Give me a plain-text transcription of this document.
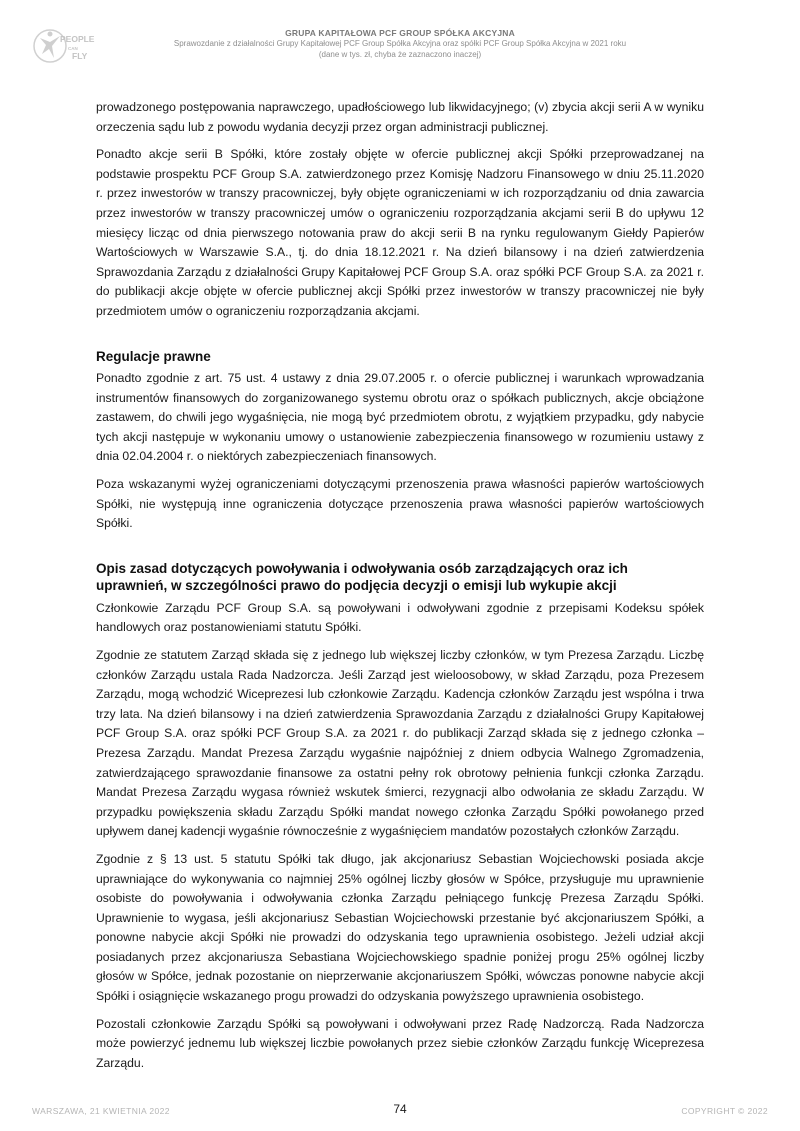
PEOPLE
CAN
FLY
GRUPA KAPITAŁOWA PCF GROUP SPÓŁKA AKCYJNA
Sprawozdanie z działalności Grupy Kapitałowej PCF Group Spółka Akcyjna oraz spółki PCF Group Spółka Akcyjna w 2021 roku
(dane w tys. zł, chyba że zaznaczono inaczej)

prowadzonego postępowania naprawczego, upadłościowego lub likwidacyjnego; (v) zbycia akcji serii A w wyniku orzeczenia sądu lub z powodu wydania decyzji przez organ administracji publicznej.

Ponadto akcje serii B Spółki, które zostały objęte w ofercie publicznej akcji Spółki przeprowadzanej na podstawie prospektu PCF Group S.A. zatwierdzonego przez Komisję Nadzoru Finansowego w dniu 25.11.2020 r. przez inwestorów w transzy pracowniczej, były objęte ograniczeniami w ich rozporządzaniu od dnia zawarcia przez inwestorów w transzy pracowniczej umów o ograniczeniu rozporządzania akcjami serii B do upływu 12 miesięcy licząc od dnia pierwszego notowania praw do akcji serii B na rynku regulowanym Giełdy Papierów Wartościowych w Warszawie S.A., tj. do dnia 18.12.2021 r. Na dzień bilansowy i na dzień zatwierdzenia Sprawozdania Zarządu z działalności Grupy Kapitałowej PCF Group S.A. oraz spółki PCF Group S.A. za 2021 r. do publikacji akcje objęte w ofercie publicznej akcji Spółki przez inwestorów w transzy pracowniczej nie były przedmiotem umów o ograniczeniu rozporządzania akcjami.

Regulacje prawne

Ponadto zgodnie z art. 75 ust. 4 ustawy z dnia 29.07.2005 r. o ofercie publicznej i warunkach wprowadzania instrumentów finansowych do zorganizowanego systemu obrotu oraz o spółkach publicznych, akcje obciążone zastawem, do chwili jego wygaśnięcia, nie mogą być przedmiotem obrotu, z wyjątkiem przypadku, gdy nabycie tych akcji następuje w wykonaniu umowy o ustanowienie zabezpieczenia finansowego w rozumieniu ustawy z dnia 02.04.2004 r. o niektórych zabezpieczeniach finansowych.

Poza wskazanymi wyżej ograniczeniami dotyczącymi przenoszenia prawa własności papierów wartościowych Spółki, nie występują inne ograniczenia dotyczące przenoszenia prawa własności papierów wartościowych Spółki.

Opis zasad dotyczących powoływania i odwoływania osób zarządzających oraz ich
uprawnień, w szczególności prawo do podjęcia decyzji o emisji lub wykupie akcji

Członkowie Zarządu PCF Group S.A. są powoływani i odwoływani zgodnie z przepisami Kodeksu spółek handlowych oraz postanowieniami statutu Spółki.

Zgodnie ze statutem Zarząd składa się z jednego lub większej liczby członków, w tym Prezesa Zarządu. Liczbę członków Zarządu ustala Rada Nadzorcza. Jeśli Zarząd jest wieloosobowy, w skład Zarządu, poza Prezesem Zarządu, mogą wchodzić Wiceprezesi lub członkowie Zarządu. Kadencja członków Zarządu jest wspólna i trwa trzy lata. Na dzień bilansowy i na dzień zatwierdzenia Sprawozdania Zarządu z działalności Grupy Kapitałowej PCF Group S.A. oraz spółki PCF Group S.A. za 2021 r. do publikacji Zarząd składa się z jednego członka – Prezesa Zarządu. Mandat Prezesa Zarządu wygaśnie najpóźniej z dniem odbycia Walnego Zgromadzenia, zatwierdzającego sprawozdanie finansowe za ostatni pełny rok obrotowy pełnienia funkcji członka Zarządu. Mandat Prezesa Zarządu wygasa również wskutek śmierci, rezygnacji albo odwołania ze składu Zarządu. W przypadku powiększenia składu Zarządu Spółki mandat nowego członka Zarządu Spółki powołanego przed upływem danej kadencji wygaśnie równocześnie z wygaśnięciem mandatów pozostałych członków Zarządu.

Zgodnie z § 13 ust. 5 statutu Spółki tak długo, jak akcjonariusz Sebastian Wojciechowski posiada akcje uprawniające do wykonywania co najmniej 25% ogólnej liczby głosów w Spółce, przysługuje mu uprawnienie osobiste do powoływania i odwoływania członka Zarządu pełniącego funkcję Prezesa Zarządu Spółki. Uprawnienie to wygasa, jeśli akcjonariusz Sebastian Wojciechowski przestanie być akcjonariuszem Spółki, a ponowne nabycie akcji Spółki nie prowadzi do odzyskania tego uprawnienia osobistego. Jeżeli udział akcji posiadanych przez akcjonariusza Sebastiana Wojciechowskiego spadnie poniżej progu 25% ogólnej liczby głosów w Spółce, jednak pozostanie on nieprzerwanie akcjonariuszem Spółki, wówczas ponowne nabycie akcji Spółki i osiągnięcie wskazanego progu prowadzi do odzyskania powyższego uprawnienia osobistego.

Pozostali członkowie Zarządu Spółki są powoływani i odwoływani przez Radę Nadzorczą. Rada Nadzorcza może powierzyć jednemu lub większej liczbie powołanych przez siebie członków Zarządu funkcję Wiceprezesa Zarządu.

WARSZAWA, 21 KWIETNIA 2022	74	COPYRIGHT © 2022
